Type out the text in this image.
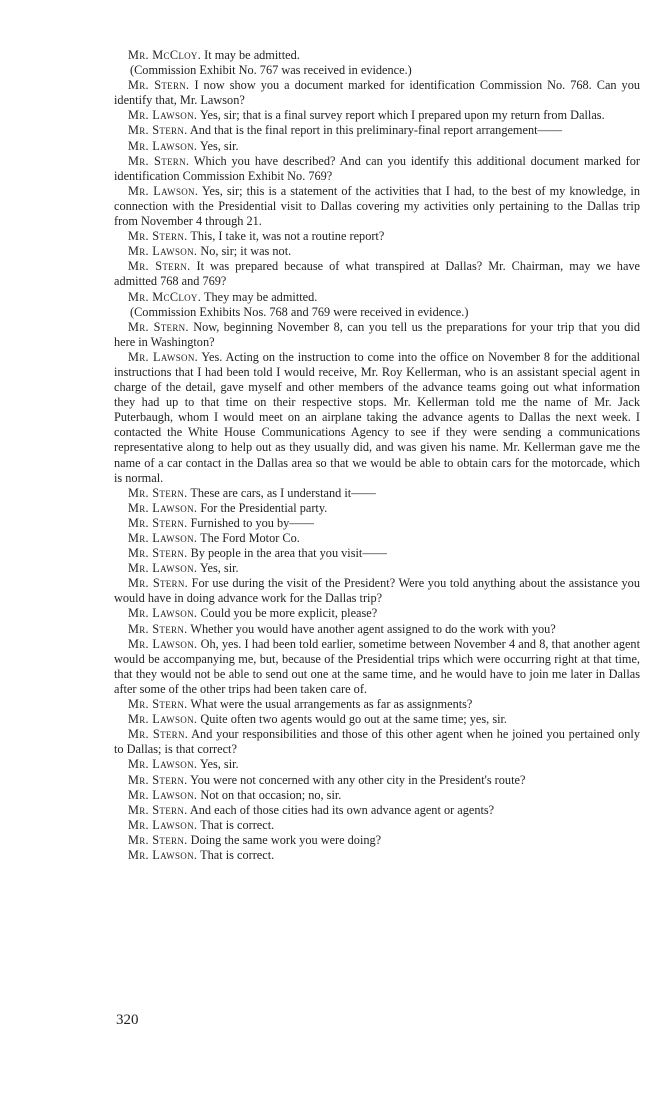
Mr. McCloy. It may be admitted.

(Commission Exhibit No. 767 was received in evidence.)

Mr. Stern. I now show you a document marked for identification Commission No. 768. Can you identify that, Mr. Lawson?

Mr. Lawson. Yes, sir; that is a final survey report which I prepared upon my return from Dallas.

Mr. Stern. And that is the final report in this preliminary-final report arrangement——

Mr. Lawson. Yes, sir.

Mr. Stern. Which you have described? And can you identify this additional document marked for identification Commission Exhibit No. 769?

Mr. Lawson. Yes, sir; this is a statement of the activities that I had, to the best of my knowledge, in connection with the Presidential visit to Dallas covering my activities only pertaining to the Dallas trip from November 4 through 21.

Mr. Stern. This, I take it, was not a routine report?

Mr. Lawson. No, sir; it was not.

Mr. Stern. It was prepared because of what transpired at Dallas? Mr. Chairman, may we have admitted 768 and 769?

Mr. McCloy. They may be admitted.

(Commission Exhibits Nos. 768 and 769 were received in evidence.)

Mr. Stern. Now, beginning November 8, can you tell us the preparations for your trip that you did here in Washington?

Mr. Lawson. Yes. Acting on the instruction to come into the office on November 8 for the additional instructions that I had been told I would receive, Mr. Roy Kellerman, who is an assistant special agent in charge of the detail, gave myself and other members of the advance teams going out what information they had up to that time on their respective stops. Mr. Kellerman told me the name of Mr. Jack Puterbaugh, whom I would meet on an airplane taking the advance agents to Dallas the next week. I contacted the White House Communications Agency to see if they were sending a communications representative along to help out as they usually did, and was given his name. Mr. Kellerman gave me the name of a car contact in the Dallas area so that we would be able to obtain cars for the motorcade, which is normal.

Mr. Stern. These are cars, as I understand it——

Mr. Lawson. For the Presidential party.

Mr. Stern. Furnished to you by——

Mr. Lawson. The Ford Motor Co.

Mr. Stern. By people in the area that you visit——

Mr. Lawson. Yes, sir.

Mr. Stern. For use during the visit of the President? Were you told anything about the assistance you would have in doing advance work for the Dallas trip?

Mr. Lawson. Could you be more explicit, please?

Mr. Stern. Whether you would have another agent assigned to do the work with you?

Mr. Lawson. Oh, yes. I had been told earlier, sometime between November 4 and 8, that another agent would be accompanying me, but, because of the Presidential trips which were occurring right at that time, that they would not be able to send out one at the same time, and he would have to join me later in Dallas after some of the other trips had been taken care of.

Mr. Stern. What were the usual arrangements as far as assignments?

Mr. Lawson. Quite often two agents would go out at the same time; yes, sir.

Mr. Stern. And your responsibilities and those of this other agent when he joined you pertained only to Dallas; is that correct?

Mr. Lawson. Yes, sir.

Mr. Stern. You were not concerned with any other city in the President's route?

Mr. Lawson. Not on that occasion; no, sir.

Mr. Stern. And each of those cities had its own advance agent or agents?

Mr. Lawson. That is correct.

Mr. Stern. Doing the same work you were doing?

Mr. Lawson. That is correct.

320
